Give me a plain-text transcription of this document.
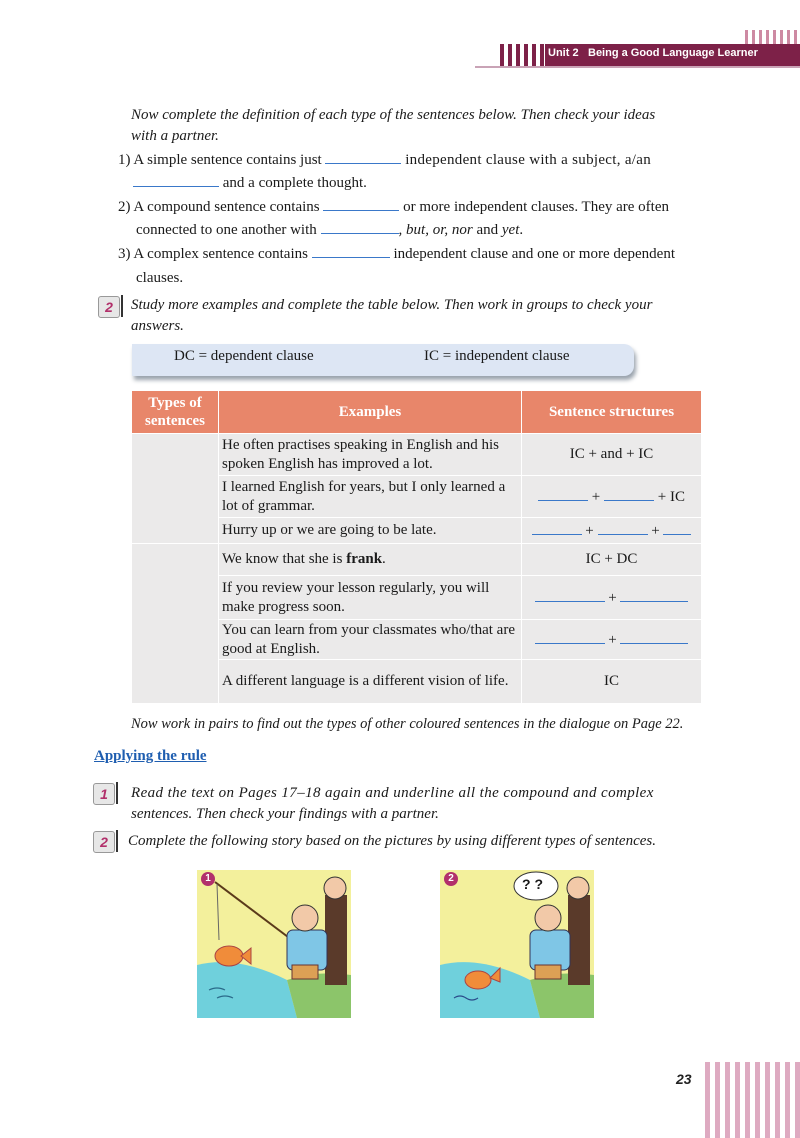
Unit 2 Being a Good Language Learner
Now complete the definition of each type of the sentences below. Then check your ideas
with a partner.
1) A simple sentence contains just	independent clause with a subject, a/an
and a complete thought.
2) A compound sentence contains	or more independent clauses. They are often
connected to one another with	, but, or, nor and yet.
3) A complex sentence contains	independent clause and one or more dependent
clauses.
2	Study more examples and complete the table below. Then work in groups to check your
answers.
DC = dependent clause	IC = independent clause
Types of sentences	Examples	Sentence structures
	He often practises speaking in English and his spoken English has improved a lot.	IC + and + IC
	I learned English for years, but I only learned a lot of grammar.	+ + IC
	Hurry up or we are going to be late.	+ +
	We know that she is frank.	IC + DC
	If you review your lesson regularly, you will make progress soon.	+
	You can learn from your classmates who/that are good at English.	+
	A different language is a different vision of life.	IC
Now work in pairs to find out the types of other coloured sentences in the dialogue on Page 22.
Applying the rule
1	Read the text on Pages 17–18 again and underline all the compound and complex
sentences. Then check your findings with a partner.
2	Complete the following story based on the pictures by using different types of sentences.
1	2	? ?
23
